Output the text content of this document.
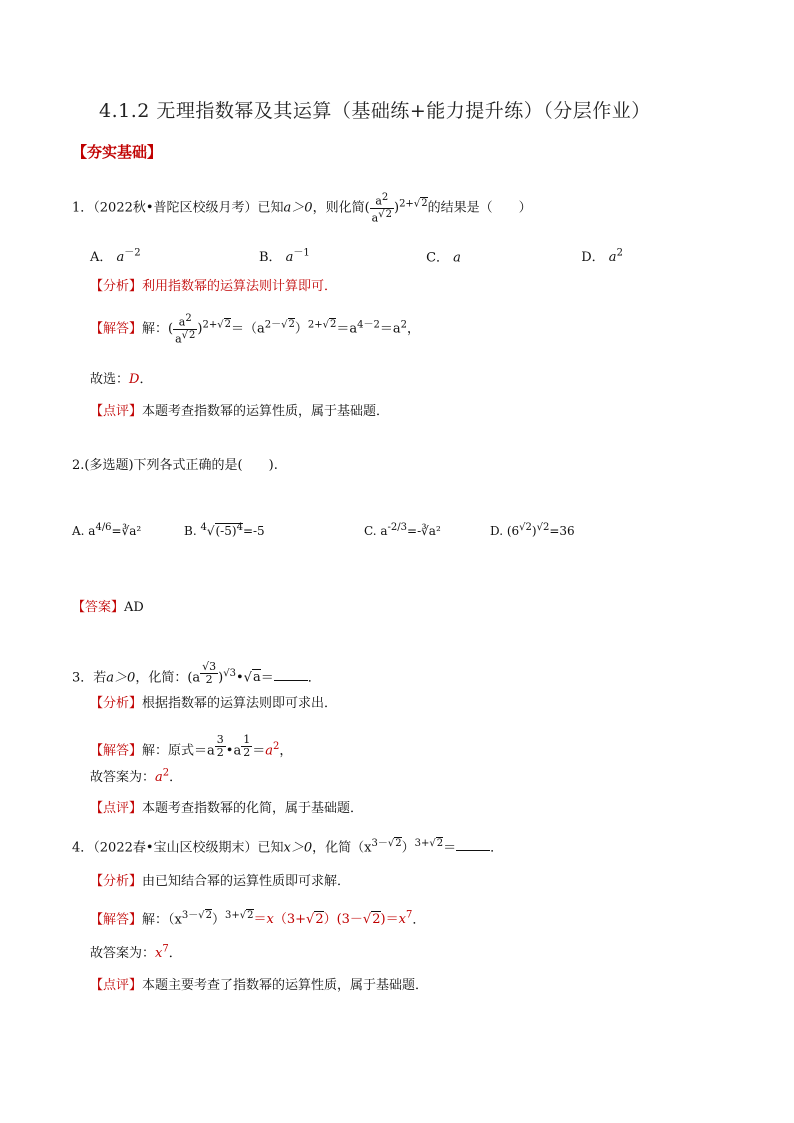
4.1.2 无理指数幂及其运算（基础练+能力提升练）（分层作业）
【夯实基础】
1．（2022秋•普陀区校级月考）已知a＞0，则化简( $\frac{a2}{a√2} )^{2+√2}$的结果是（　　）
A． $a^{-2}$	B． $a^{-1}$	C． a	D． $a^2$
【分析】利用指数幂的运算法则计算即可．
【解答】解：( $\frac{a2}{a√2} )^{2+√2}=(a^{2-√2})^{2+√2}=a^{4-2}=a^2$，
故选：D．
【点评】本题考查指数幂的运算性质，属于基础题．
2.(多选题)下列各式正确的是(　　).
A. $a^{4/6}=∛a^2$	B. $^4√(-5)^4=-5$	C. $a^{-2/3}=-∛a^2$	D. $(6^{√2})^{√2}=36$
【答案】AD
3．若a＞0，化简：(a $^{\frac{√3}{2}}$ )$^{√3}$•√a＝	．
【分析】根据指数幂的运算法则即可求出．
【解答】解：原式＝a $^{\frac{3}{2}}$ •a $^{\frac{1}{2}} =a^2$，
故答案为：$a^2$．
【点评】本题考查指数幂的化简，属于基础题．
4．（2022春•宝山区校级期末）已知x＞0，化简$(x^{3-√2})^{3+√2}=$	．
【分析】由已知结合幂的运算性质即可求解．
【解答】解：$(x^{3-√2})^{3+√2}=x(3+√2)(3-√2)=x^7$．
故答案为：$x^7$．
【点评】本题主要考查了指数幂的运算性质，属于基础题．
